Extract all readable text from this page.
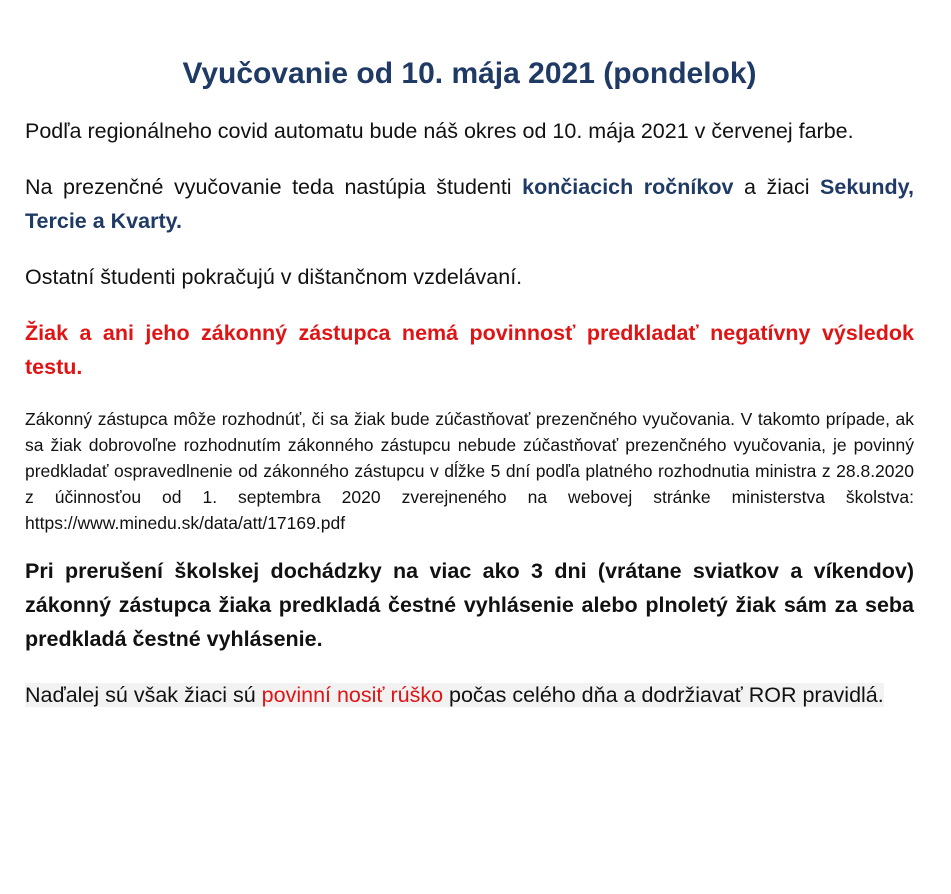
Vyučovanie od 10. mája 2021 (pondelok)

Podľa regionálneho covid automatu bude náš okres od 10. mája 2021 v červenej farbe.

Na prezenčné vyučovanie teda nastúpia študenti končiacich ročníkov a žiaci Sekundy, Tercie a Kvarty.

Ostatní študenti pokračujú v dištančnom vzdelávaní.

Žiak a ani jeho zákonný zástupca nemá povinnosť predkladať negatívny výsledok testu.

Zákonný zástupca môže rozhodnúť, či sa žiak bude zúčastňovať prezenčného vyučovania. V takomto prípade, ak sa žiak dobrovoľne rozhodnutím zákonného zástupcu nebude zúčastňovať prezenčného vyučovania, je povinný predkladať ospravedlnenie od zákonného zástupcu v dĺžke 5 dní podľa platného rozhodnutia ministra z 28.8.2020 z účinnosťou od 1. septembra 2020 zverejneného na webovej stránke ministerstva školstva: https://www.minedu.sk/data/att/17169.pdf

Pri prerušení školskej dochádzky na viac ako 3 dni (vrátane sviatkov a víkendov) zákonný zástupca žiaka predkladá čestné vyhlásenie alebo plnoletý žiak sám za seba predkladá čestné vyhlásenie.

Naďalej sú však žiaci sú povinní nosiť rúško počas celého dňa a dodržiavať ROR pravidlá.
